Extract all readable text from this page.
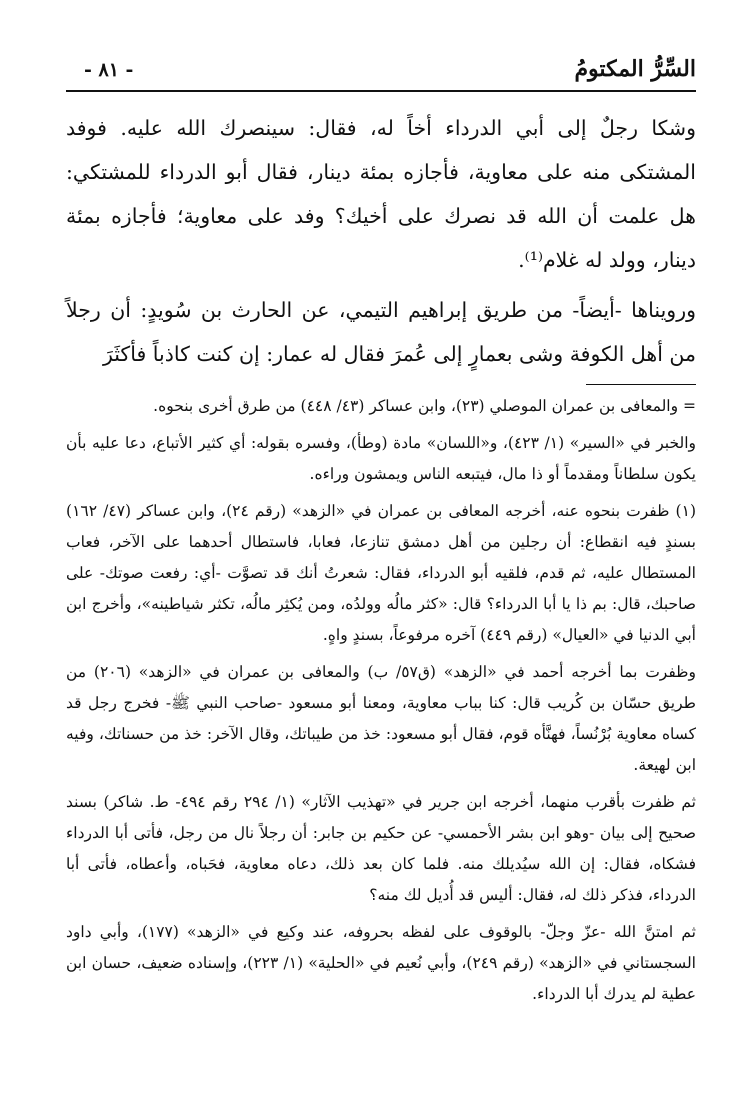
السِّرُّ المكتومُ
- ٨١ -

وشكا رجلٌ إلى أبي الدرداء أخاً له، فقال: سينصرك الله عليه. فوفد المشتكى منه على معاوية، فأجازه بمئة دينار، فقال أبو الدرداء للمشتكي: هل علمت أن الله قد نصرك على أخيك؟ وفد على معاوية؛ فأجازه بمئة دينار، وولد له غلام⁽¹⁾.

ورويناها -أيضاً- من طريق إبراهيم التيمي، عن الحارث بن سُويدٍ: أن رجلاً من أهل الكوفة وشى بعمارٍ إلى عُمرَ فقال له عمار: إن كنت كاذباً فأكثَرَ

= والمعافى بن عمران الموصلي (٢٣)، وابن عساكر (٤٣/ ٤٤٨) من طرق أخرى بنحوه.

والخبر في «السير» (١/ ٤٢٣)، و«اللسان» مادة (وطأ)، وفسره بقوله: أي كثير الأتباع، دعا عليه بأن يكون سلطاناً ومقدماً أو ذا مال، فيتبعه الناس ويمشون وراءه.

(١) ظفرت بنحوه عنه، أخرجه المعافى بن عمران في «الزهد» (رقم ٢٤)، وابن عساكر (٤٧/ ١٦٢) بسندٍ فيه انقطاع: أن رجلين من أهل دمشق تنازعا، فعابا، فاستطال أحدهما على الآخر، فعاب المستطال عليه، ثم قدم، فلقيه أبو الدرداء، فقال: شعرتُ أنك قد تصوَّت -أي: رفعت صوتك- على صاحبك، قال: بم ذا يا أبا الدرداء؟ قال: «كثر مالُه وولدُه، ومن يُكثِر مالُه، تكثر شياطينه»، وأخرج ابن أبي الدنيا في «العيال» (رقم ٤٤٩) آخره مرفوعاً، بسندٍ واهٍ.

وظفرت بما أخرجه أحمد في «الزهد» (ق٥٧/ ب) والمعافى بن عمران في «الزهد» (٢٠٦) من طريق حسّان بن كُريب قال: كنا بباب معاوية، ومعنا أبو مسعود -صاحب النبي ﷺ- فخرج رجل قد كساه معاوية بُرْنُساً، فهنَّأه قوم، فقال أبو مسعود: خذ من طيباتك، وقال الآخر: خذ من حسناتك، وفيه ابن لهيعة.

ثم ظفرت بأقرب منهما، أخرجه ابن جرير في «تهذيب الآثار» (١/ ٢٩٤ رقم ٤٩٤- ط. شاكر) بسند صحيح إلى بيان -وهو ابن بشر الأحمسي- عن حكيم بن جابر: أن رجلاً نال من رجل، فأتى أبا الدرداء فشكاه، فقال: إن الله سيُديلك منه. فلما كان بعد ذلك، دعاه معاوية، فحَباه، وأعطاه، فأتى أبا الدرداء، فذكر ذلك له، فقال: أليس قد أُديل لك منه؟

ثم امتنَّ الله -عزّ وجلّ- بالوقوف على لفظه بحروفه، عند وكيع في «الزهد» (١٧٧)، وأبي داود السجستاني في «الزهد» (رقم ٢٤٩)، وأبي نُعيم في «الحلية» (١/ ٢٢٣)، وإسناده ضعيف، حسان ابن عطية لم يدرك أبا الدرداء.
